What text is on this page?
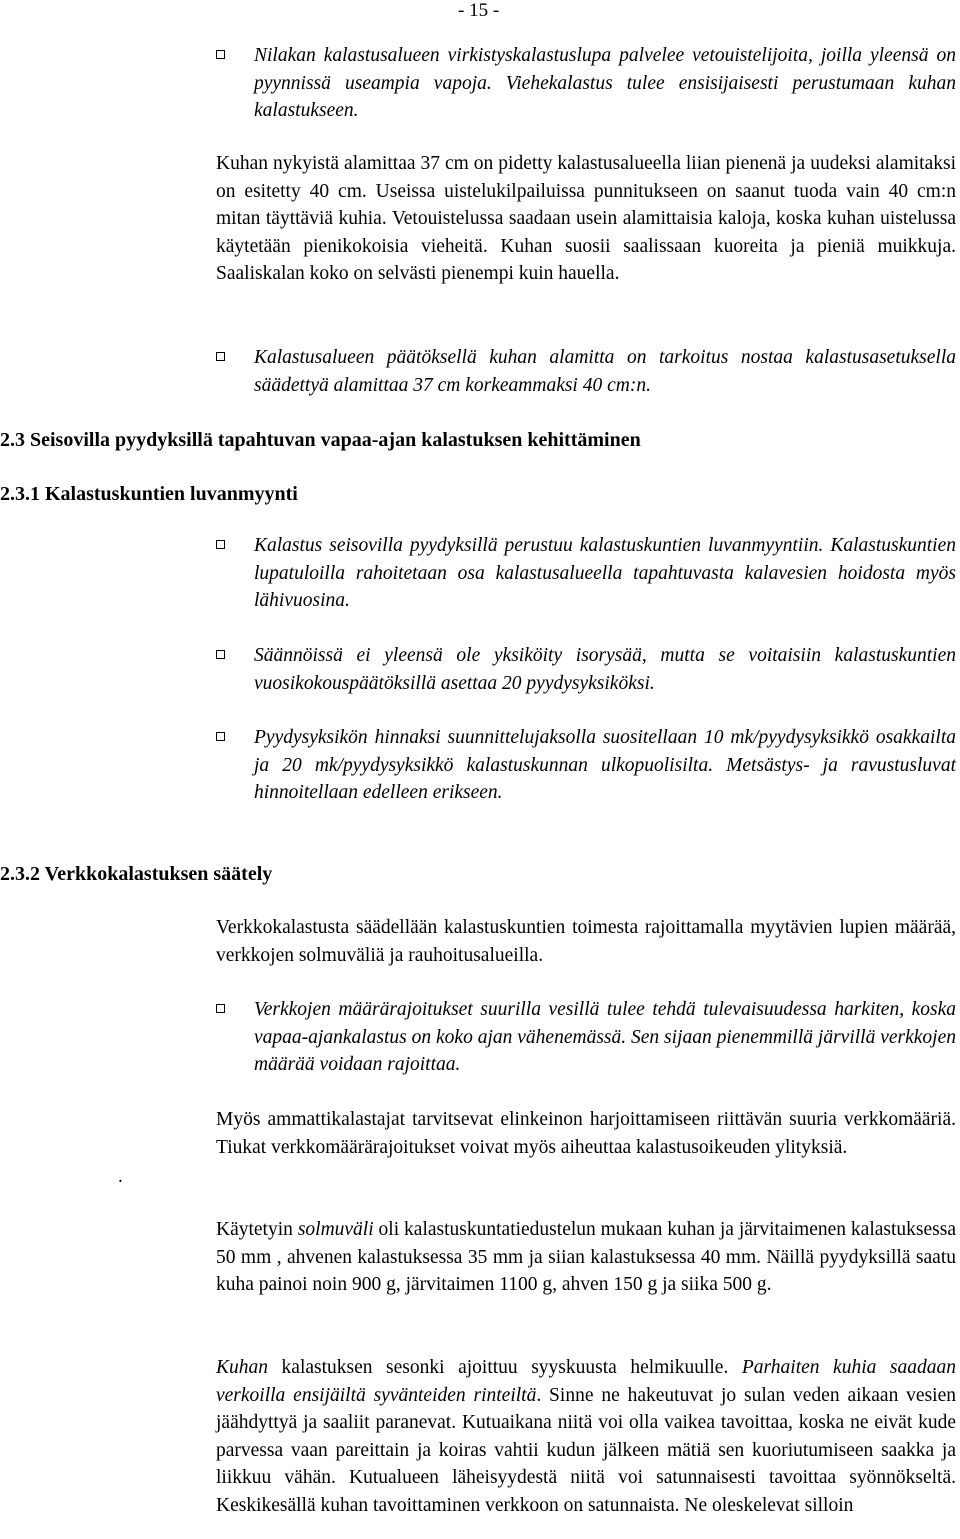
- 15 -
Nilakan kalastusalueen virkistyskalastuslupa palvelee vetouistelijoita, joilla yleensä on pyynnissä useampia vapoja. Viehekalastus tulee ensisijaisesti perustumaan kuhan kalastukseen.
Kuhan nykyistä alamittaa 37 cm on pidetty kalastusalueella liian pienenä ja uudeksi alamitaksi on esitetty 40 cm. Useissa uistelukilpailuissa punnitukseen on saanut tuoda vain 40 cm:n mitan täyttäviä kuhia. Vetouistelussa saadaan usein alamittaisia kaloja, koska kuhan uistelussa käytetään pienikokoisia vieheitä. Kuhan suosii saalissaan kuoreita ja pieniä muikkuja. Saaliskalan koko on selvästi pienempi kuin hauella.
Kalastusalueen päätöksellä kuhan alamitta on tarkoitus nostaa kalastusasetuksella säädettyä alamittaa 37 cm korkeammaksi 40 cm:n.
2.3 Seisovilla pyydyksillä tapahtuvan vapaa-ajan kalastuksen kehittäminen
2.3.1 Kalastuskuntien luvanmyynti
Kalastus seisovilla pyydyksillä perustuu kalastuskuntien luvanmyyntiin. Kalastuskuntien lupatuloilla rahoitetaan osa kalastusalueella tapahtuvasta kalavesien hoidosta myös lähivuosina.
Säännöissä ei yleensä ole yksiköity isorysää, mutta se voitaisiin kalastuskuntien vuosikokouspäätöksillä asettaa 20 pyydysyksiköksi.
Pyydysyksikön hinnaksi suunnittelujaksolla suositellaan 10 mk/pyydysyksikkö osakkailta ja 20 mk/pyydysyksikkö kalastuskunnan ulkopuolisilta. Metsästys- ja ravustusluvat hinnoitellaan edelleen erikseen.
2.3.2 Verkkokalastuksen säätely
Verkkokalastusta säädellään kalastuskuntien toimesta rajoittamalla myytävien lupien määrää, verkkojen solmuväliä ja rauhoitusalueilla.
Verkkojen määrärajoitukset suurilla vesillä tulee tehdä tulevaisuudessa harkiten, koska vapaa-ajankalastus on koko ajan vähenemässä. Sen sijaan pienemmillä järvillä verkkojen määrää voidaan rajoittaa.
Myös ammattikalastajat tarvitsevat elinkeinon harjoittamiseen riittävän suuria verkkomääriä. Tiukat verkkomäärärajoitukset voivat myös aiheuttaa kalastusoikeuden ylityksiä.
.
Käytetyin solmuväli oli kalastuskuntatiedustelun mukaan kuhan ja järvitaimenen kalastuksessa 50 mm , ahvenen kalastuksessa 35 mm ja siian kalastuksessa 40 mm. Näillä pyydyksillä saatu kuha painoi noin 900 g, järvitaimen 1100 g, ahven 150 g ja siika 500 g.
Kuhan kalastuksen sesonki ajoittuu syyskuusta helmikuulle. Parhaiten kuhia saadaan verkoilla ensijäiltä syvänteiden rinteiltä. Sinne ne hakeutuvat jo sulan veden aikaan vesien jäähdyttyä ja saaliit paranevat. Kutuaikana niitä voi olla vaikea tavoittaa, koska ne eivät kude parvessa vaan pareittain ja koiras vahtii kudun jälkeen mätiä sen kuoriutumiseen saakka ja liikkuu vähän. Kutualueen läheisyydestä niitä voi satunnaisesti tavoittaa syönnökseltä. Keskikesällä kuhan tavoittaminen verkkoon on satunnaista. Ne oleskelevat silloin
